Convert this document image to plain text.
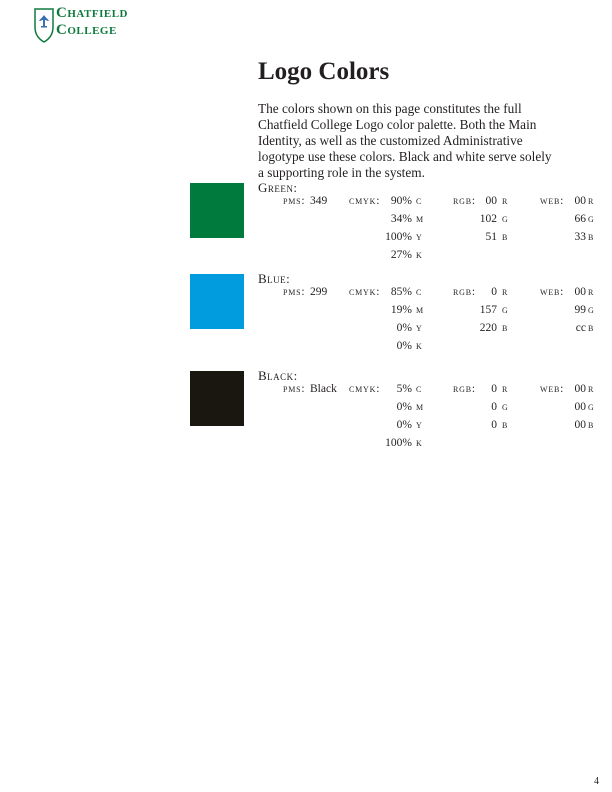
Chatfield
College
Logo Colors
The colors shown on this page constitutes the full Chatfield College Logo color palette. Both the Main Identity, as well as the customized Administrative logotype use these colors. Black and white serve solely a supporting role in the system.
Green:
pms: 349 cmyk:	rgb:	web:
90% c	00 r	00 r
34% m	102 g	66 g
100% y	51 b	33 b
27% k
Blue:
pms: 299 cmyk:	rgb:	web:
85% c	0 r	00 r
19% m	157 g	99 g
0% y	220 b	cc b
0% k
Black:
pms: Black cmyk:	rgb:	web:
5% c	0 r	00 r
0% m	0 g	00 g
0% y	0 b	00 b
100% k
4
